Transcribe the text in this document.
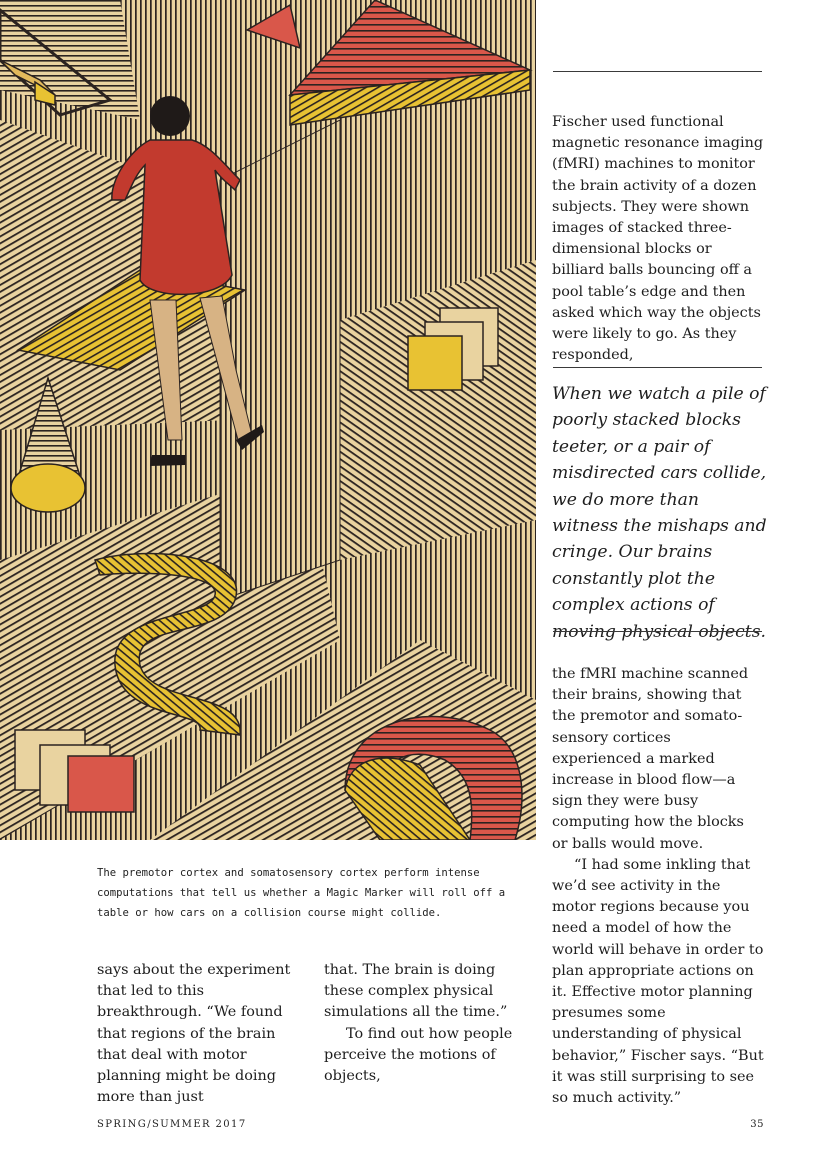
Fischer used functional magnetic resonance imaging (fMRI) machines to monitor the brain activity of a dozen subjects. They were shown images of stacked three-dimensional blocks or billiard balls bouncing off a pool table’s edge and then asked which way the objects were likely to go. As they responded,

When we watch a pile of poorly stacked blocks teeter, or a pair of misdirected cars collide, we do more than witness the mishaps and cringe. Our brains constantly plot the complex actions of moving physical objects.

the fMRI machine scanned their brains, showing that the premotor and somatosensory cortices experienced a marked increase in blood flow—a sign they were busy computing how the blocks or balls would move.

“I had some inkling that we’d see activity in the motor regions because you need a model of how the world will behave in order to plan appropriate actions on it. Effective motor planning presumes some understanding of physical behavior,” Fischer says. “But it was still surprising to see so much activity.”

The premotor cortex and somatosensory cortex perform intense computations that tell us whether a Magic Marker will roll off a table or how cars on a collision course might collide.

says about the experiment that led to this breakthrough. “We found that regions of the brain that deal with motor planning might be doing more than just

that. The brain is doing these complex physical simulations all the time.”

To find out how people perceive the motions of objects,

SPRING/SUMMER 2017	35
